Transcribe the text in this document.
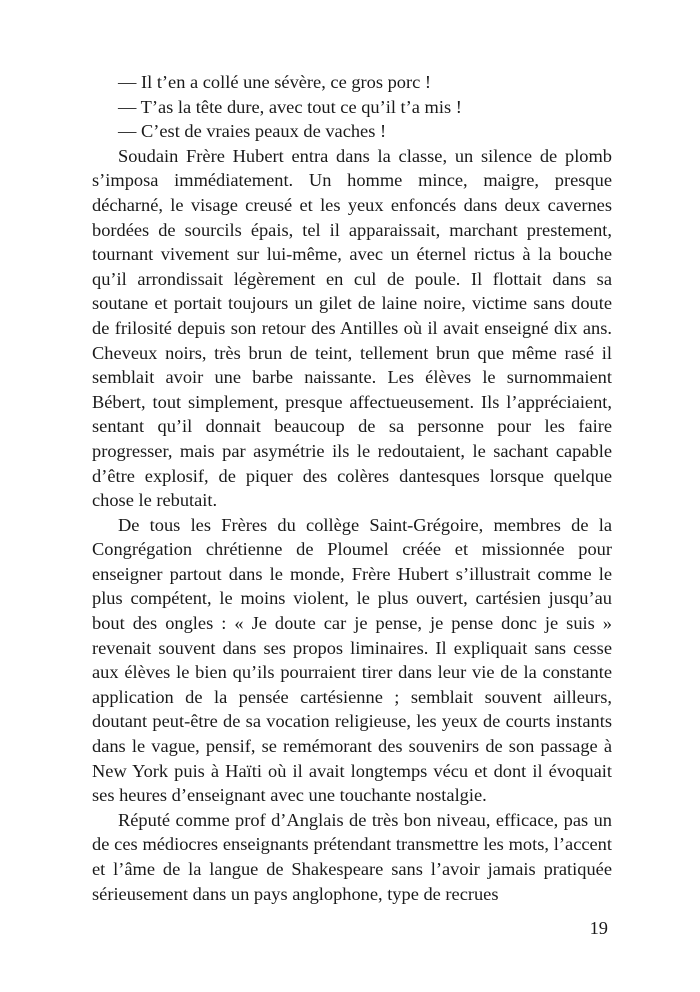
— Il t’en a collé une sévère, ce gros porc !

— T’as la tête dure, avec tout ce qu’il t’a mis !

— C’est de vraies peaux de vaches !

Soudain Frère Hubert entra dans la classe, un silence de plomb s’imposa immédiatement. Un homme mince, maigre, presque décharné, le visage creusé et les yeux enfoncés dans deux cavernes bordées de sourcils épais, tel il apparaissait, marchant prestement, tournant vivement sur lui-même, avec un éternel rictus à la bouche qu’il arrondissait légèrement en cul de poule. Il flottait dans sa soutane et portait toujours un gilet de laine noire, victime sans doute de frilosité depuis son retour des Antilles où il avait enseigné dix ans. Cheveux noirs, très brun de teint, tellement brun que même rasé il semblait avoir une barbe naissante. Les élèves le surnommaient Bébert, tout simplement, presque affectueusement. Ils l’appréciaient, sentant qu’il donnait beaucoup de sa personne pour les faire progresser, mais par asymétrie ils le redoutaient, le sachant capable d’être explosif, de piquer des colères dantesques lorsque quelque chose le rebutait.

De tous les Frères du collège Saint-Grégoire, membres de la Congrégation chrétienne de Ploumel créée et missionnée pour enseigner partout dans le monde, Frère Hubert s’illustrait comme le plus compétent, le moins violent, le plus ouvert, cartésien jusqu’au bout des ongles : « Je doute car je pense, je pense donc je suis » revenait souvent dans ses propos liminaires. Il expliquait sans cesse aux élèves le bien qu’ils pourraient tirer dans leur vie de la constante application de la pensée cartésienne ; semblait souvent ailleurs, doutant peut-être de sa vocation religieuse, les yeux de courts instants dans le vague, pensif, se remémorant des souvenirs de son passage à New York puis à Haïti où il avait longtemps vécu et dont il évoquait ses heures d’enseignant avec une touchante nostalgie.

Réputé comme prof d’Anglais de très bon niveau, efficace, pas un de ces médiocres enseignants prétendant transmettre les mots, l’accent et l’âme de la langue de Shakespeare sans l’avoir jamais pratiquée sérieusement dans un pays anglophone, type de recrues

19
